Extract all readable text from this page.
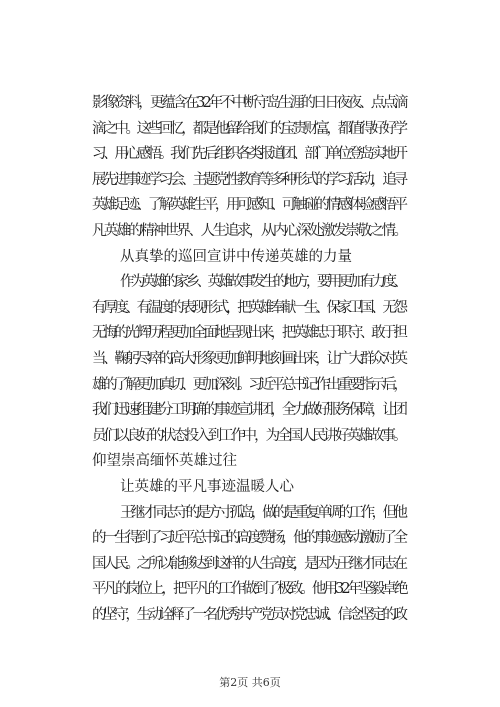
影像资料，更蕴含在32年不中断守岛生涯的日日夜夜、点点滴
滴之中。这些回忆，都是他留给我们的宝贵财富，都值得好好学
习、用心感悟。我们先后组织各类报道团、部门单位登岛实地开
展先进事迹学习会、主题党性教育等多种形式的学习活动，追寻
英雄足迹、了解英雄生平，用可感知、可触碰的情感体验感悟平
凡英雄的精神世界、人生追求，从内心深处激发崇敬之情。
从真挚的巡回宣讲中传递英雄的力量
作为英雄的家乡、英雄故事发生的地方，要用更加有力度、
有厚度、有温度的表现形式，把英雄奉献一生、保家卫国、无怨
无悔的光辉历程更加全面地呈现出来，把英雄忠于职守、敢于担
当、鞠躬尽瘁的高大形象更加鲜明地刻画出来，让广大群众对英
雄的了解更加真切、更加深刻。习近平总书记作出重要指示后，
我们迅速组建分工明确的事迹宣讲团，全力做好服务保障，让团
员们以良好的状态投入到工作中，为全国人民讲好英雄故事。
仰望崇高缅怀英雄过往
让英雄的平凡事迹温暖人心
王继才同志守的是方寸孤岛，做的是重复单调的工作，但他
的一生得到了习近平总书记的高度赞扬，他的事迹感动激励了全
国人民。之所以能够达到这样的人生高度，是因为王继才同志在
平凡的岗位上，把平凡的工作做到了极致。他用32年坚毅卓绝
的坚守，生动诠释了一名优秀共产党员对党忠诚、信念坚定的政
第2页 共6页
